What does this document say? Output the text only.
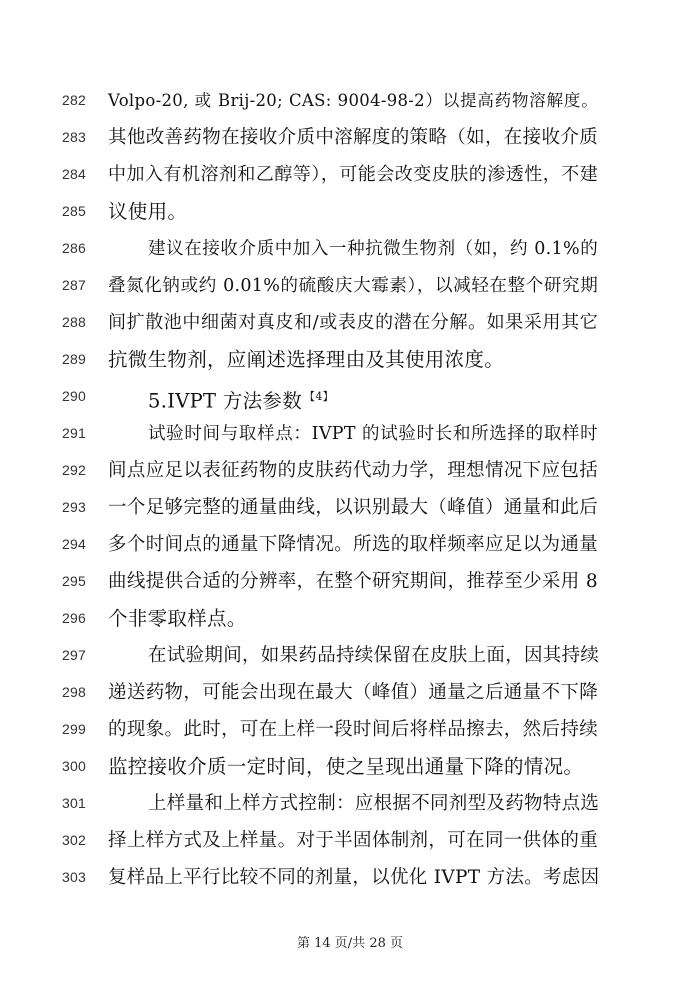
282	Volpo-20, 或 Brij-20; CAS: 9004-98-2）以提高药物溶解度。
283	其他改善药物在接收介质中溶解度的策略（如，在接收介质
284	中加入有机溶剂和乙醇等），可能会改变皮肤的渗透性，不建
285	议使用。
286	建议在接收介质中加入一种抗微生物剂（如，约 0.1%的
287	叠氮化钠或约 0.01%的硫酸庆大霉素），以减轻在整个研究期
288	间扩散池中细菌对真皮和/或表皮的潜在分解。如果采用其它
289	抗微生物剂，应阐述选择理由及其使用浓度。
290	5.IVPT 方法参数 $^{【4】}$
291	试验时间与取样点：IVPT 的试验时长和所选择的取样时
292	间点应足以表征药物的皮肤药代动力学，理想情况下应包括
293	一个足够完整的通量曲线，以识别最大（峰值）通量和此后
294	多个时间点的通量下降情况。所选的取样频率应足以为通量
295	曲线提供合适的分辨率，在整个研究期间，推荐至少采用 8
296	个非零取样点。
297	在试验期间，如果药品持续保留在皮肤上面，因其持续
298	递送药物，可能会出现在最大（峰值）通量之后通量不下降
299	的现象。此时，可在上样一段时间后将样品擦去，然后持续
300	监控接收介质一定时间，使之呈现出通量下降的情况。
301	上样量和上样方式控制：应根据不同剂型及药物特点选
302	择上样方式及上样量。对于半固体制剂，可在同一供体的重
303	复样品上平行比较不同的剂量，以优化 IVPT 方法。考虑因
第 14 页/共 28 页
